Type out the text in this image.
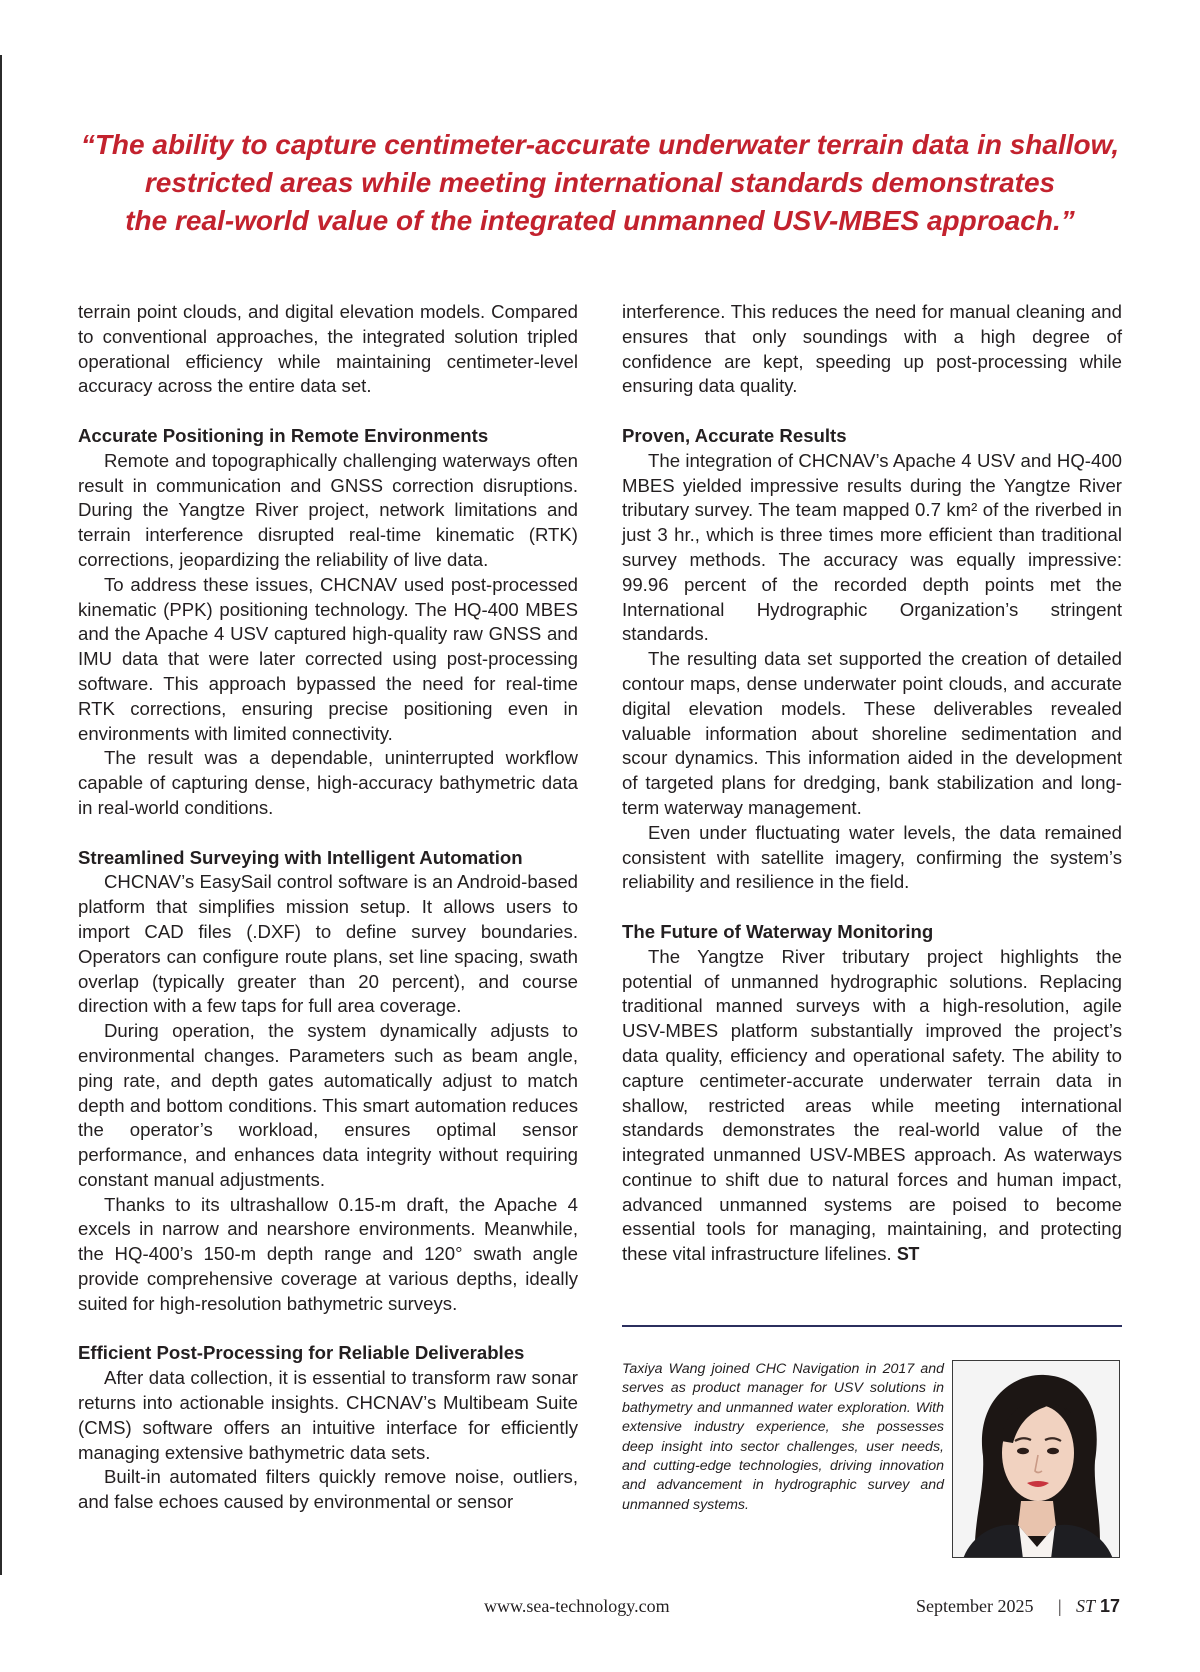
“The ability to capture centimeter-accurate underwater terrain data in shallow,
restricted areas while meeting international standards demonstrates
the real-world value of the integrated unmanned USV-MBES approach.”

terrain point clouds, and digital elevation models. Compared to conventional approaches, the integrated solution tripled operational efficiency while maintaining centimeter-level accuracy across the entire data set.

Accurate Positioning in Remote Environments

Remote and topographically challenging waterways often result in communication and GNSS correction disruptions. During the Yangtze River project, network limitations and terrain interference disrupted real-time kinematic (RTK) corrections, jeopardizing the reliability of live data.

To address these issues, CHCNAV used post-processed kinematic (PPK) positioning technology. The HQ-400 MBES and the Apache 4 USV captured high-quality raw GNSS and IMU data that were later corrected using post-processing software. This approach bypassed the need for real-time RTK corrections, ensuring precise positioning even in environments with limited connectivity.

The result was a dependable, uninterrupted workflow capable of capturing dense, high-accuracy bathymetric data in real-world conditions.

Streamlined Surveying with Intelligent Automation

CHCNAV’s EasySail control software is an Android-based platform that simplifies mission setup. It allows users to import CAD files (.DXF) to define survey boundaries. Operators can configure route plans, set line spacing, swath overlap (typically greater than 20 percent), and course direction with a few taps for full area coverage.

During operation, the system dynamically adjusts to environmental changes. Parameters such as beam angle, ping rate, and depth gates automatically adjust to match depth and bottom conditions. This smart automation reduces the operator’s workload, ensures optimal sensor performance, and enhances data integrity without requiring constant manual adjustments.

Thanks to its ultrashallow 0.15-m draft, the Apache 4 excels in narrow and nearshore environments. Meanwhile, the HQ-400’s 150-m depth range and 120° swath angle provide comprehensive coverage at various depths, ideally suited for high-resolution bathymetric surveys.

Efficient Post-Processing for Reliable Deliverables

After data collection, it is essential to transform raw sonar returns into actionable insights. CHCNAV’s Multibeam Suite (CMS) software offers an intuitive interface for efficiently managing extensive bathymetric data sets.

Built-in automated filters quickly remove noise, outliers, and false echoes caused by environmental or sensor

interference. This reduces the need for manual cleaning and ensures that only soundings with a high degree of confidence are kept, speeding up post-processing while ensuring data quality.

Proven, Accurate Results

The integration of CHCNAV’s Apache 4 USV and HQ-400 MBES yielded impressive results during the Yangtze River tributary survey. The team mapped 0.7 km² of the riverbed in just 3 hr., which is three times more efficient than traditional survey methods. The accuracy was equally impressive: 99.96 percent of the recorded depth points met the International Hydrographic Organization’s stringent standards.

The resulting data set supported the creation of detailed contour maps, dense underwater point clouds, and accurate digital elevation models. These deliverables revealed valuable information about shoreline sedimentation and scour dynamics. This information aided in the development of targeted plans for dredging, bank stabilization and long-term waterway management.

Even under fluctuating water levels, the data remained consistent with satellite imagery, confirming the system’s reliability and resilience in the field.

The Future of Waterway Monitoring

The Yangtze River tributary project highlights the potential of unmanned hydrographic solutions. Replacing traditional manned surveys with a high-resolution, agile USV-MBES platform substantially improved the project’s data quality, efficiency and operational safety. The ability to capture centimeter-accurate underwater terrain data in shallow, restricted areas while meeting international standards demonstrates the real-world value of the integrated unmanned USV-MBES approach. As waterways continue to shift due to natural forces and human impact, advanced unmanned systems are poised to become essential tools for managing, maintaining, and protecting these vital infrastructure lifelines. ST

Taxiya Wang joined CHC Navigation in 2017 and serves as product manager for USV solutions in bathymetry and unmanned water exploration. With extensive industry experience, she possesses deep insight into sector challenges, user needs, and cutting-edge technologies, driving innovation and advancement in hydrographic survey and unmanned systems.
www.sea-technology.com	September 2025 | ST 17
